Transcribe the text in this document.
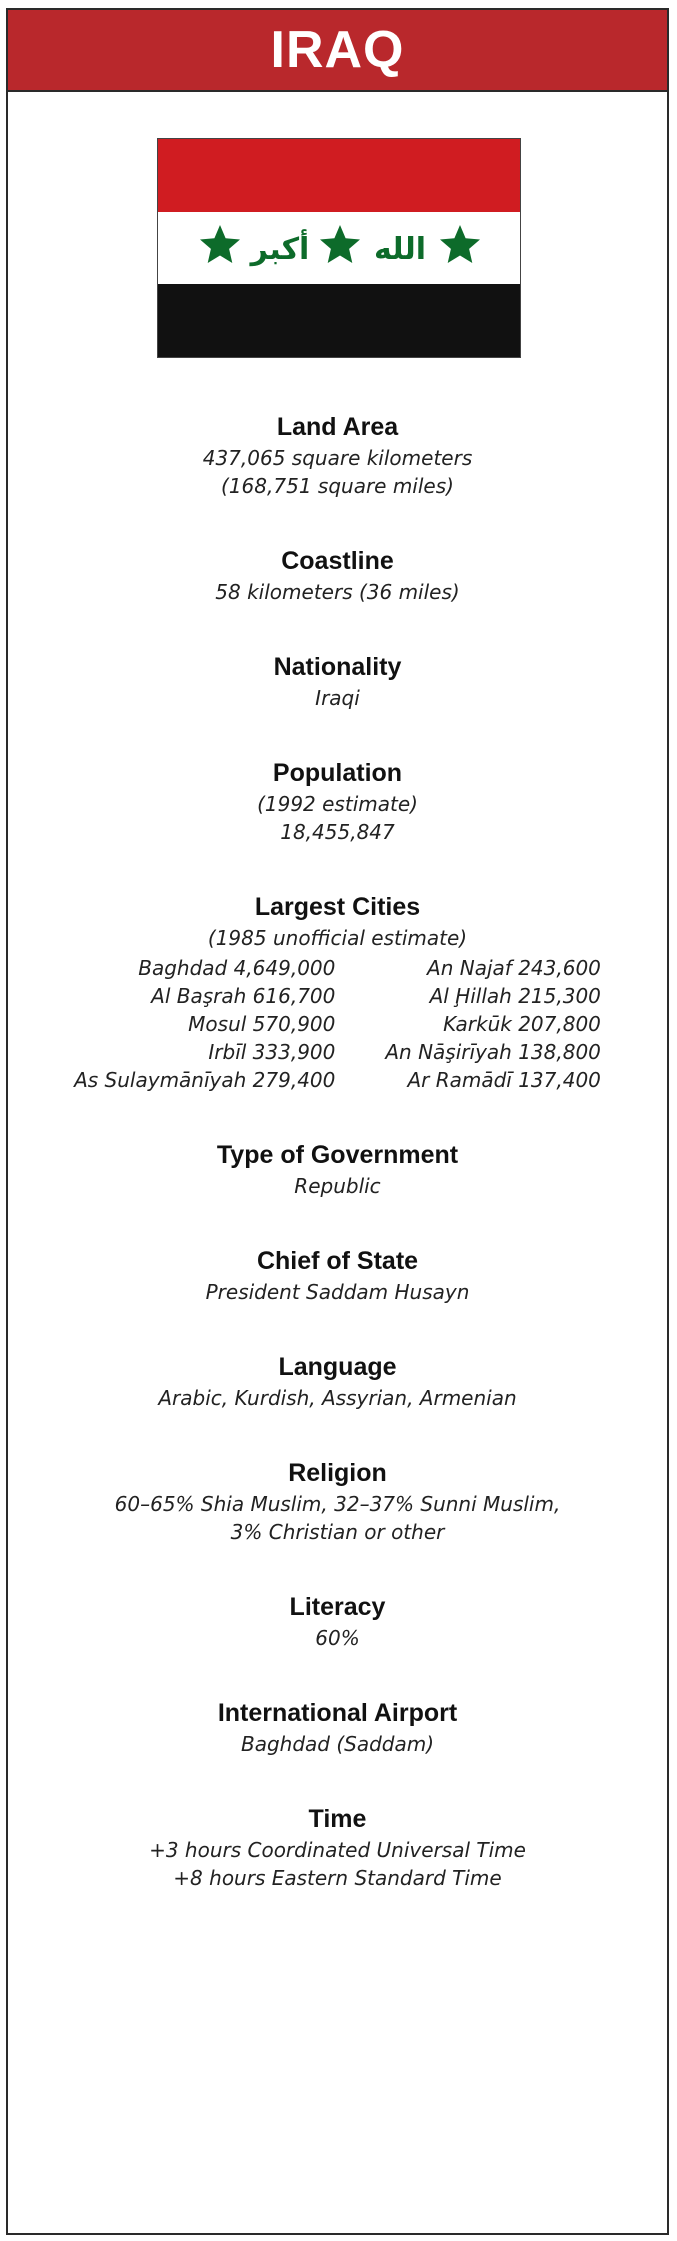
IRAQ
أكبر الله
Land Area
437,065 square kilometers
(168,751 square miles)
Coastline
58 kilometers (36 miles)
Nationality
Iraqi
Population
(1992 estimate)
18,455,847
Largest Cities
(1985 unofficial estimate)
Baghdad 4,649,000
Al Başrah 616,700
Mosul 570,900
Irbīl 333,900
As Sulaymānīyah 279,400
An Najaf 243,600
Al Ḩillah 215,300
Karkūk 207,800
An Nāşirīyah 138,800
Ar Ramādī 137,400
Type of Government
Republic
Chief of State
President Saddam Husayn
Language
Arabic, Kurdish, Assyrian, Armenian
Religion
60–65% Shia Muslim, 32–37% Sunni Muslim,
3% Christian or other
Literacy
60%
International Airport
Baghdad (Saddam)
Time
+3 hours Coordinated Universal Time
+8 hours Eastern Standard Time
